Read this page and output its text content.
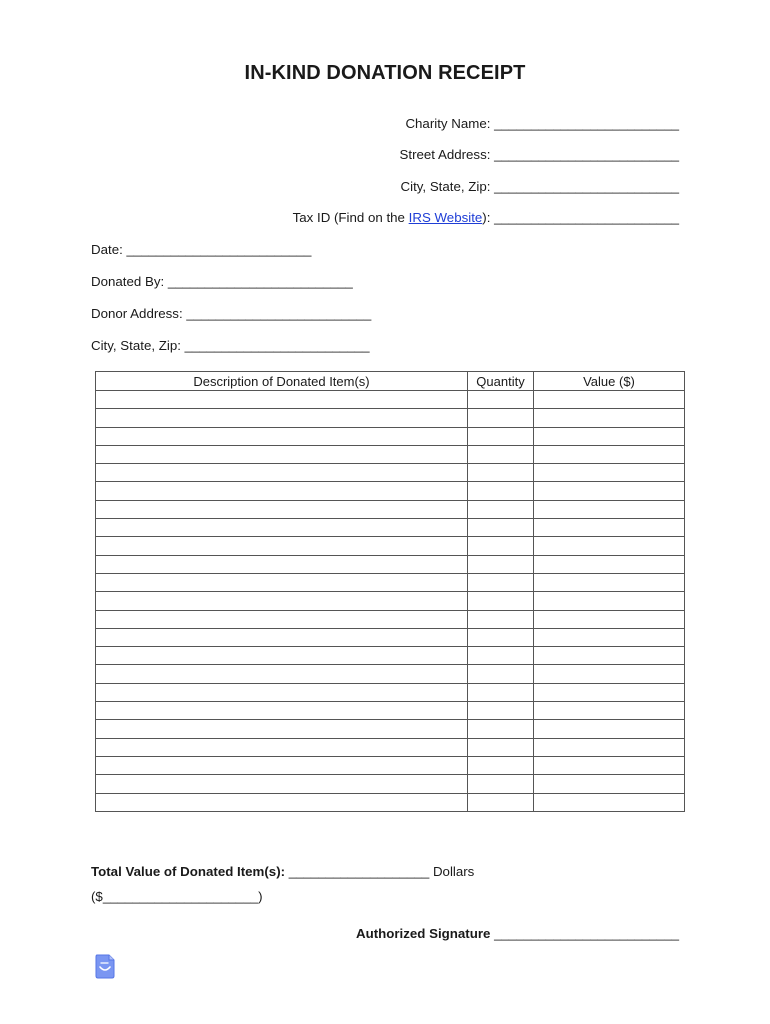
IN-KIND DONATION RECEIPT
Charity Name: _________________________
Street Address: _________________________
City, State, Zip: _________________________
Tax ID (Find on the IRS Website): _________________________
Date: _________________________
Donated By: _________________________
Donor Address: _________________________
City, State, Zip: _________________________
Description of Donated Item(s)	Quantity	Value ($)

Total Value of Donated Item(s): ___________________ Dollars
($_____________________)
Authorized Signature _________________________
